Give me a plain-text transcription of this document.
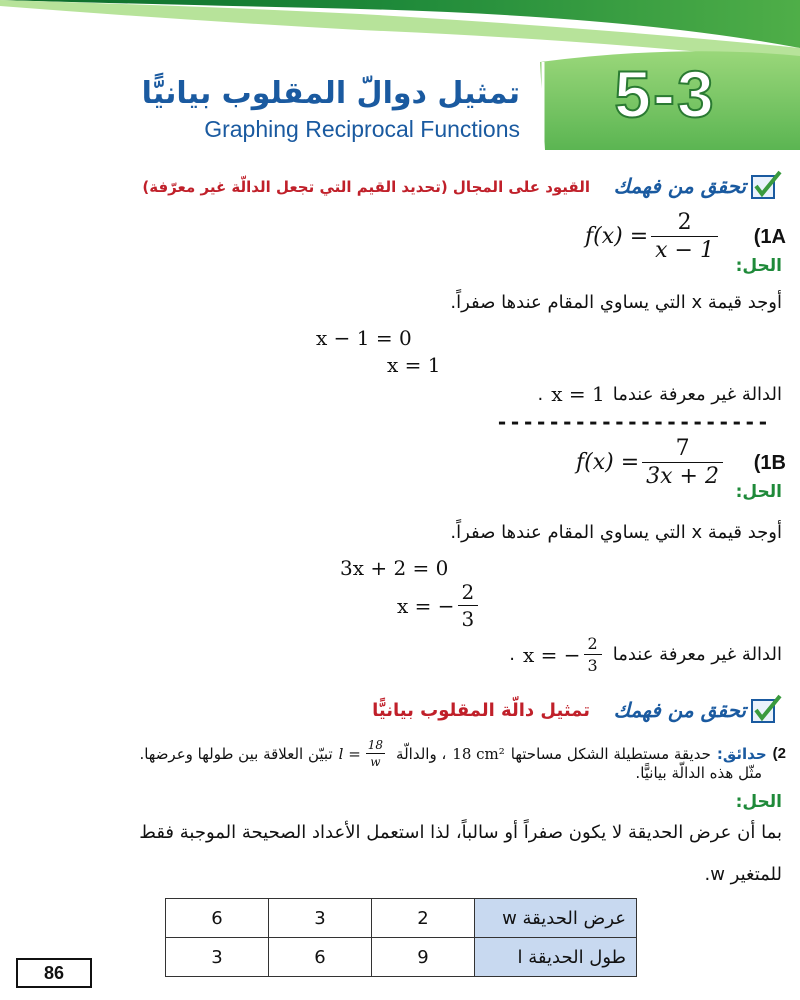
5-3
تمثيل دوالّ المقلوب بيانيًّا
Graphing Reciprocal Functions
تحقق من فهمك
القيود على المجال (تحديد القيم التي تجعل الدالّة غير معرّفة)
(1A
$f(x) = \frac{2}{x - 1}$
الحل:
أوجد قيمة x التي يساوي المقام عندها صفراً.
x − 1 = 0
x = 1
الدالة غير معرفة عندما
x = 1
.
---------------------
(1B
$f(x) = \frac{7}{3x + 2}$
الحل:
أوجد قيمة x التي يساوي المقام عندها صفراً.
3x + 2 = 0
x = − $\frac{2}{3}$
الدالة غير معرفة عندما
x = − $\frac{2}{3}$
.
تحقق من فهمك
تمثيل دالّة المقلوب بيانيًّا
2)
حدائق:
حديقة مستطيلة الشكل مساحتها
18 cm²
، والدالّة
$l = \frac{18}{w}$
تبيّن العلاقة بين طولها وعرضها.
مثّل هذه الدالّة بيانيًّا.
الحل:
بما أن عرض الحديقة لا يكون صفراً أو سالباً، لذا استعمل الأعداد الصحيحة الموجبة فقط
للمتغير w.
6	3	2	عرض الحديقة w
3	6	9	طول الحديقة l
86
